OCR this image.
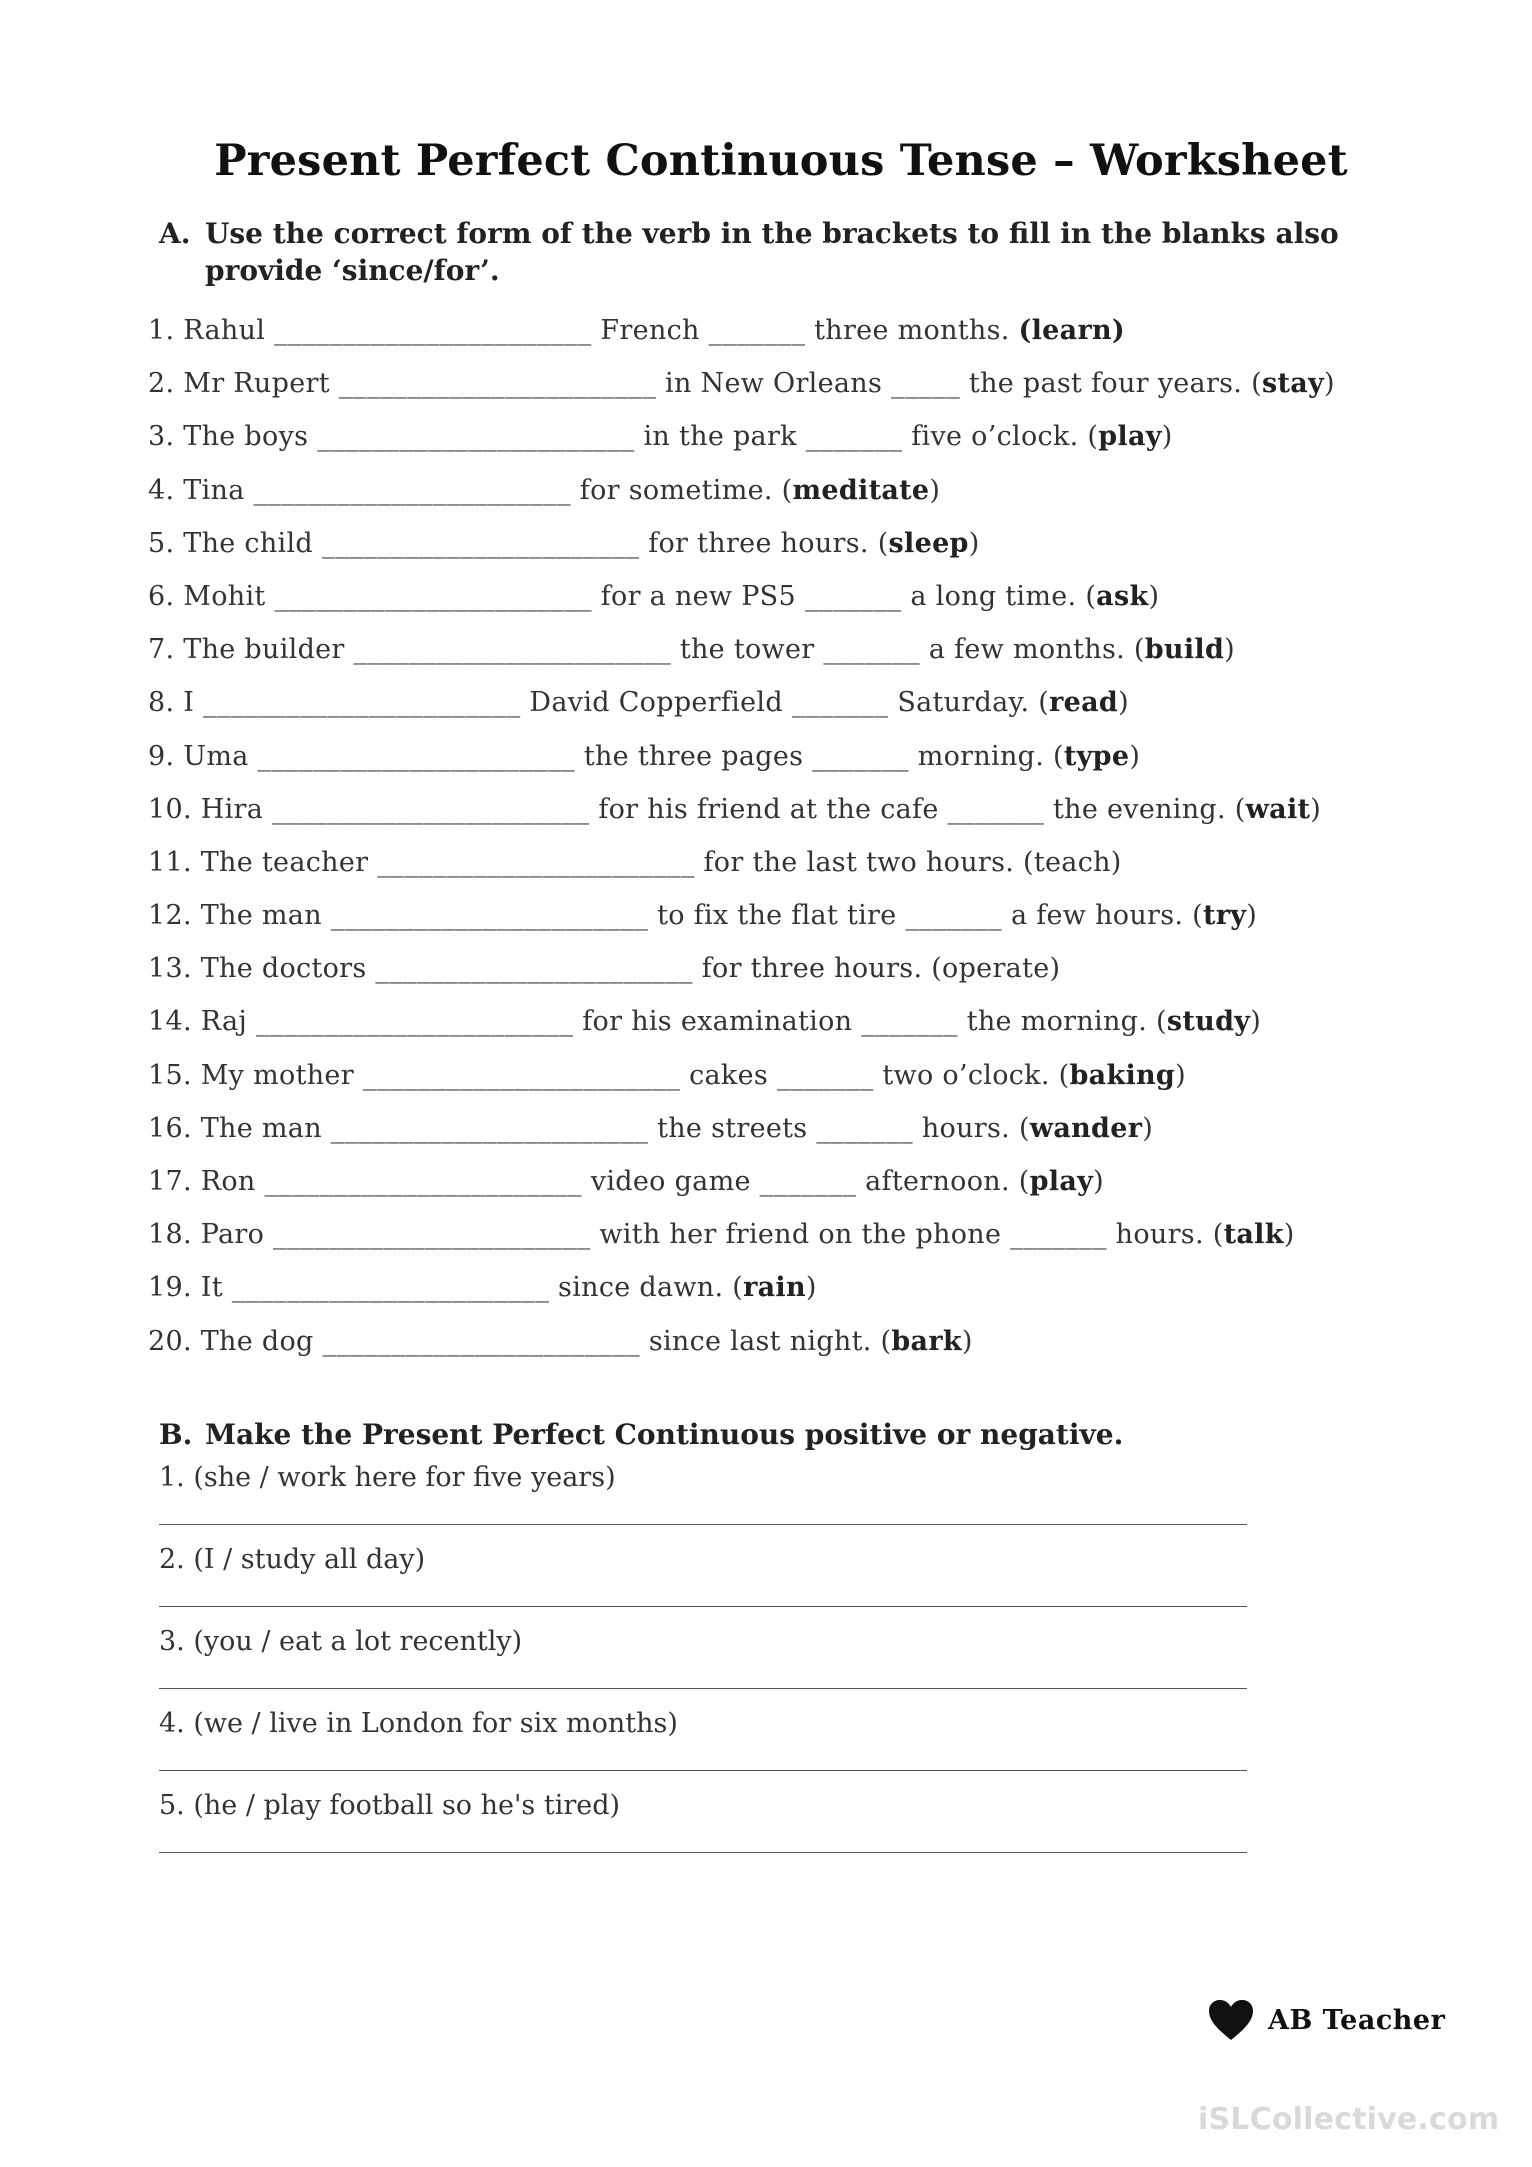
Present Perfect Continuous Tense – Worksheet
A. Use the correct form of the verb in the brackets to fill in the blanks also
provide ‘since/for’.
1. Rahul _______________________ French _______ three months. (learn)
2. Mr Rupert _______________________ in New Orleans _____ the past four years. (stay)
3. The boys _______________________ in the park _______ five o’clock. (play)
4. Tina _______________________ for sometime. (meditate)
5. The child _______________________ for three hours. (sleep)
6. Mohit _______________________ for a new PS5 _______ a long time. (ask)
7. The builder _______________________ the tower _______ a few months. (build)
8. I _______________________ David Copperfield _______ Saturday. (read)
9. Uma _______________________ the three pages _______ morning. (type)
10. Hira _______________________ for his friend at the cafe _______ the evening. (wait)
11. The teacher _______________________ for the last two hours. (teach)
12. The man _______________________ to fix the flat tire _______ a few hours. (try)
13. The doctors _______________________ for three hours. (operate)
14. Raj _______________________ for his examination _______ the morning. (study)
15. My mother _______________________ cakes _______ two o’clock. (baking)
16. The man _______________________ the streets _______ hours. (wander)
17. Ron _______________________ video game _______ afternoon. (play)
18. Paro _______________________ with her friend on the phone _______ hours. (talk)
19. It _______________________ since dawn. (rain)
20. The dog _______________________ since last night. (bark)
B. Make the Present Perfect Continuous positive or negative.
1. (she / work here for five years)
2. (I / study all day)
3. (you / eat a lot recently)
4. (we / live in London for six months)
5. (he / play football so he's tired)
AB Teacher
iSLCollective.com
